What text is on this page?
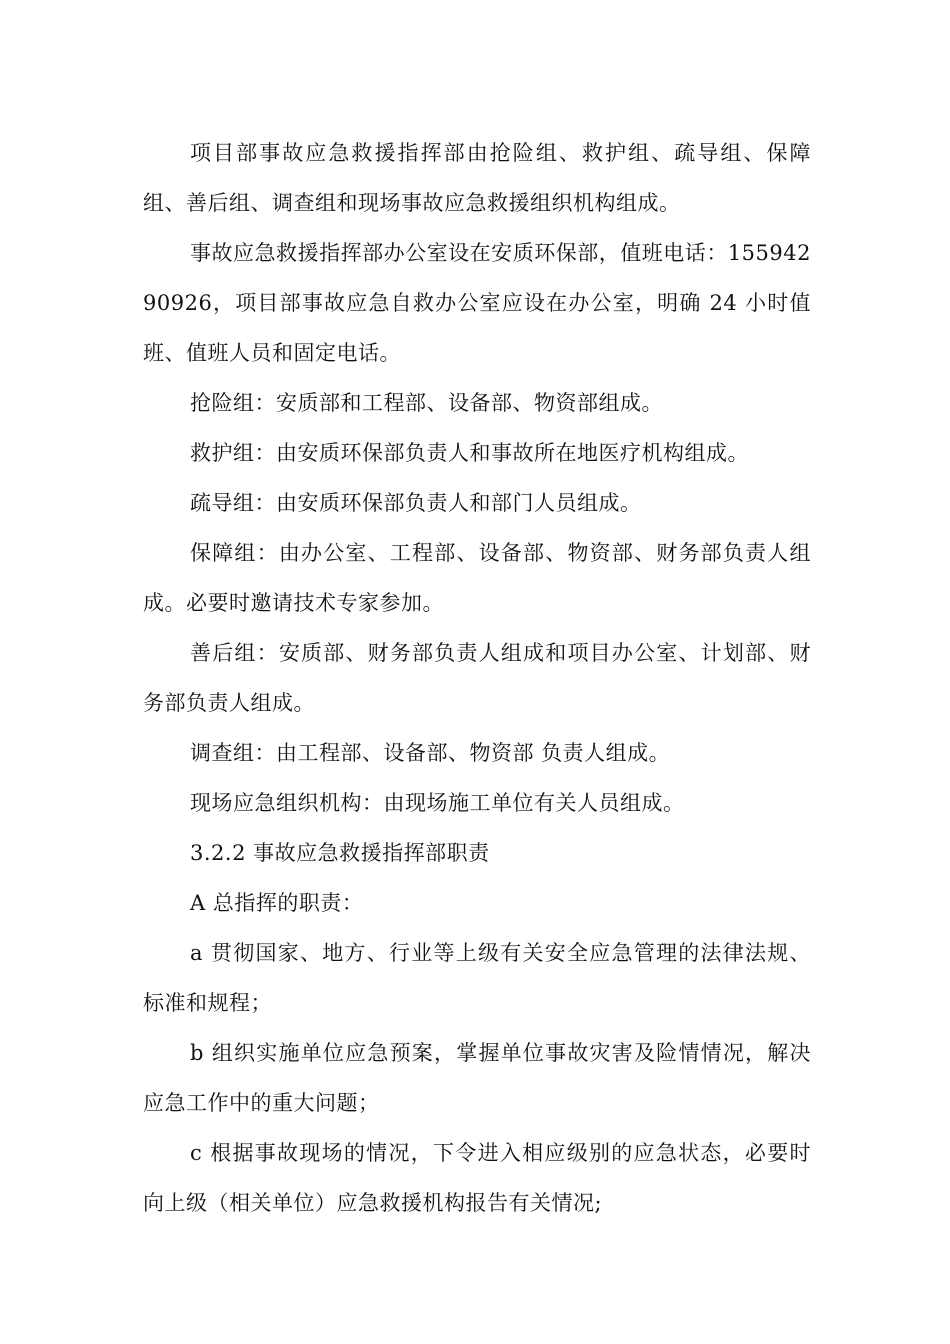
项目部事故应急救援指挥部由抢险组、救护组、疏导组、保障组、善后组、调查组和现场事故应急救援组织机构组成。

事故应急救援指挥部办公室设在安质环保部，值班电话：15594290926，项目部事故应急自救办公室应设在办公室，明确 24 小时值班、值班人员和固定电话。

抢险组：安质部和工程部、设备部、物资部组成。

救护组：由安质环保部负责人和事故所在地医疗机构组成。

疏导组：由安质环保部负责人和部门人员组成。

保障组：由办公室、工程部、设备部、物资部、财务部负责人组成。必要时邀请技术专家参加。

善后组：安质部、财务部负责人组成和项目办公室、计划部、财务部负责人组成。

调查组：由工程部、设备部、物资部 负责人组成。

现场应急组织机构：由现场施工单位有关人员组成。

3.2.2 事故应急救援指挥部职责

A 总指挥的职责：

a 贯彻国家、地方、行业等上级有关安全应急管理的法律法规、标准和规程；

b 组织实施单位应急预案，掌握单位事故灾害及险情情况，解决应急工作中的重大问题；

c 根据事故现场的情况，下令进入相应级别的应急状态，必要时向上级（相关单位）应急救援机构报告有关情况;
